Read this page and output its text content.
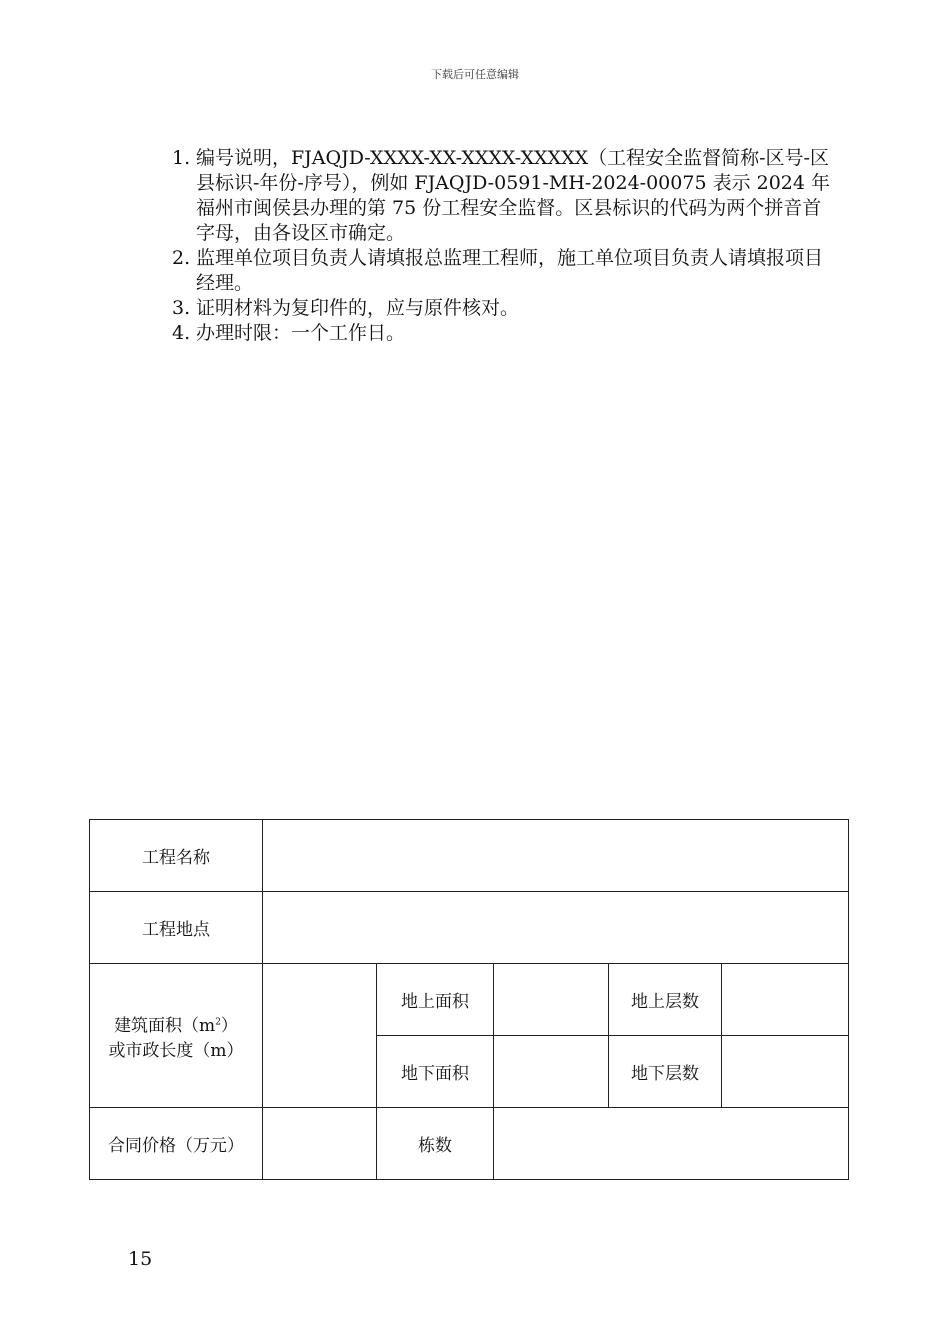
下载后可任意编辑

1. 编号说明，FJAQJD-XXXX-XX-XXXX-XXXXX（工程安全监督简称-区号-区县标识-年份-序号），例如 FJAQJD-0591-MH-2024-00075 表示 2024 年福州市闽侯县办理的第 75 份工程安全监督。区县标识的代码为两个拼音首字母，由各设区市确定。

2. 监理单位项目负责人请填报总监理工程师，施工单位项目负责人请填报项目经理。

3. 证明材料为复印件的，应与原件核对。

4. 办理时限：一个工作日。

工程名称					
工程地点					
建筑面积$(m^2)$
或市政长度（m）		地上面积		地上层数	
		地下面积		地下层数	
合同价格（万元）		栋数			
15
